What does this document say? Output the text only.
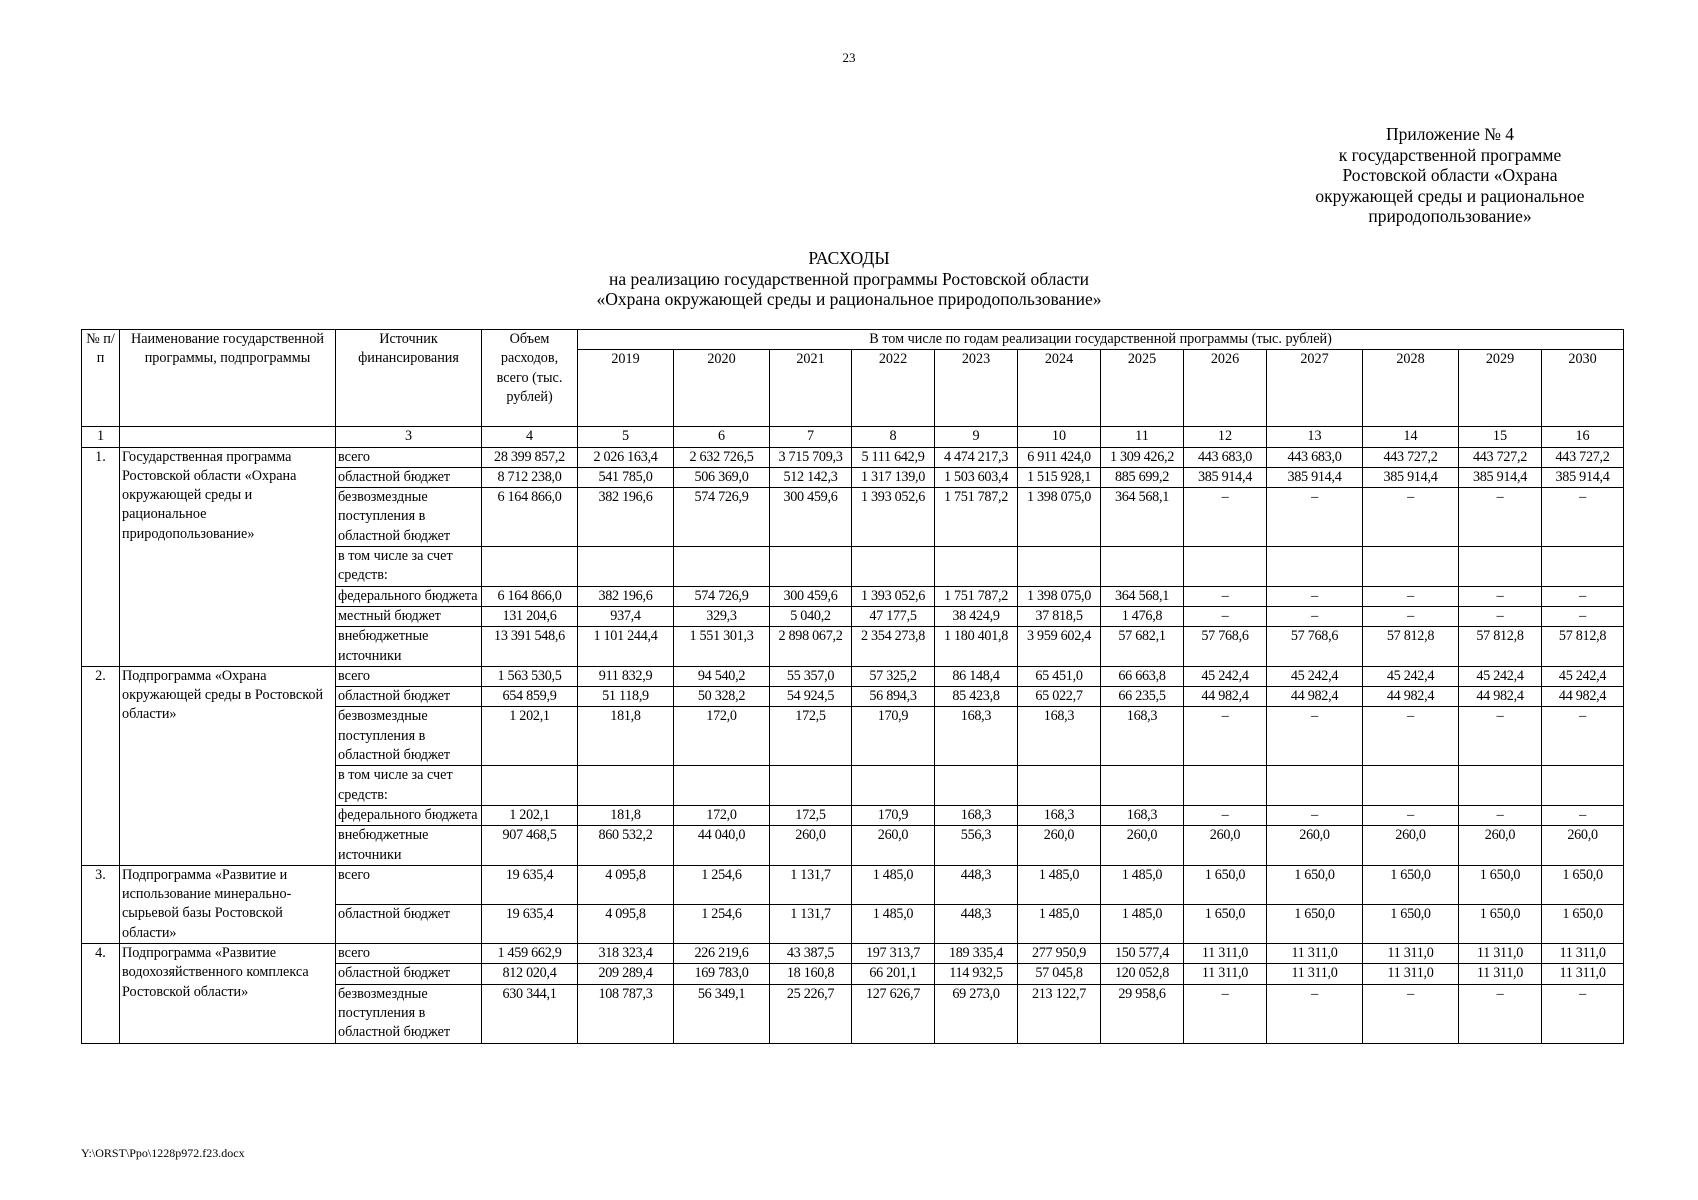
23
Приложение № 4
к государственной программе
Ростовской области «Охрана
окружающей среды и рациональное
природопользование»
РАСХОДЫ
на реализацию государственной программы Ростовской области
«Охрана окружающей среды и рациональное природопользование»
№ п/п	Наименование государственной программы, подпрограммы	Источник финансирования	Объем расходов, всего (тыс. рублей)	В том числе по годам реализации государственной программы (тыс. рублей)											
				2019	2020	2021	2022	2023	2024	2025	2026	2027	2028	2029	2030
1		3	4	5	6	7	8	9	10	11	12	13	14	15	16
1.	Государственная программа Ростовской области «Охрана окружающей среды и рациональное природопользование»	всего	28 399 857,2	2 026 163,4	2 632 726,5	3 715 709,3	5 111 642,9	4 474 217,3	6 911 424,0	1 309 426,2	443 683,0	443 683,0	443 727,2	443 727,2	443 727,2
		областной бюджет	8 712 238,0	541 785,0	506 369,0	512 142,3	1 317 139,0	1 503 603,4	1 515 928,1	885 699,2	385 914,4	385 914,4	385 914,4	385 914,4	385 914,4
		безвозмездные поступления в областной бюджет	6 164 866,0	382 196,6	574 726,9	300 459,6	1 393 052,6	1 751 787,2	1 398 075,0	364 568,1	–	–	–	–	–
		в том числе за счет средств:													
		федерального бюджета	6 164 866,0	382 196,6	574 726,9	300 459,6	1 393 052,6	1 751 787,2	1 398 075,0	364 568,1	–	–	–	–	–
		местный бюджет	131 204,6	937,4	329,3	5 040,2	47 177,5	38 424,9	37 818,5	1 476,8	–	–	–	–	–
		внебюджетные источники	13 391 548,6	1 101 244,4	1 551 301,3	2 898 067,2	2 354 273,8	1 180 401,8	3 959 602,4	57 682,1	57 768,6	57 768,6	57 812,8	57 812,8	57 812,8
2.	Подпрограмма «Охрана окружающей среды в Ростовской области»	всего	1 563 530,5	911 832,9	94 540,2	55 357,0	57 325,2	86 148,4	65 451,0	66 663,8	45 242,4	45 242,4	45 242,4	45 242,4	45 242,4
		областной бюджет	654 859,9	51 118,9	50 328,2	54 924,5	56 894,3	85 423,8	65 022,7	66 235,5	44 982,4	44 982,4	44 982,4	44 982,4	44 982,4
		безвозмездные поступления в областной бюджет	1 202,1	181,8	172,0	172,5	170,9	168,3	168,3	168,3	–	–	–	–	–
		в том числе за счет средств:													
		федерального бюджета	1 202,1	181,8	172,0	172,5	170,9	168,3	168,3	168,3	–	–	–	–	–
		внебюджетные источники	907 468,5	860 532,2	44 040,0	260,0	260,0	556,3	260,0	260,0	260,0	260,0	260,0	260,0	260,0
3.	Подпрограмма «Развитие и использование минерально-сырьевой базы Ростовской области»	всего	19 635,4	4 095,8	1 254,6	1 131,7	1 485,0	448,3	1 485,0	1 485,0	1 650,0	1 650,0	1 650,0	1 650,0	1 650,0
		областной бюджет	19 635,4	4 095,8	1 254,6	1 131,7	1 485,0	448,3	1 485,0	1 485,0	1 650,0	1 650,0	1 650,0	1 650,0	1 650,0
4.	Подпрограмма «Развитие водохозяйственного комплекса Ростовской области»	всего	1 459 662,9	318 323,4	226 219,6	43 387,5	197 313,7	189 335,4	277 950,9	150 577,4	11 311,0	11 311,0	11 311,0	11 311,0	11 311,0
		областной бюджет	812 020,4	209 289,4	169 783,0	18 160,8	66 201,1	114 932,5	57 045,8	120 052,8	11 311,0	11 311,0	11 311,0	11 311,0	11 311,0
		безвозмездные поступления в областной бюджет	630 344,1	108 787,3	56 349,1	25 226,7	127 626,7	69 273,0	213 122,7	29 958,6	–	–	–	–	–
Y:\ORST\Ppo\1228p972.f23.docx
